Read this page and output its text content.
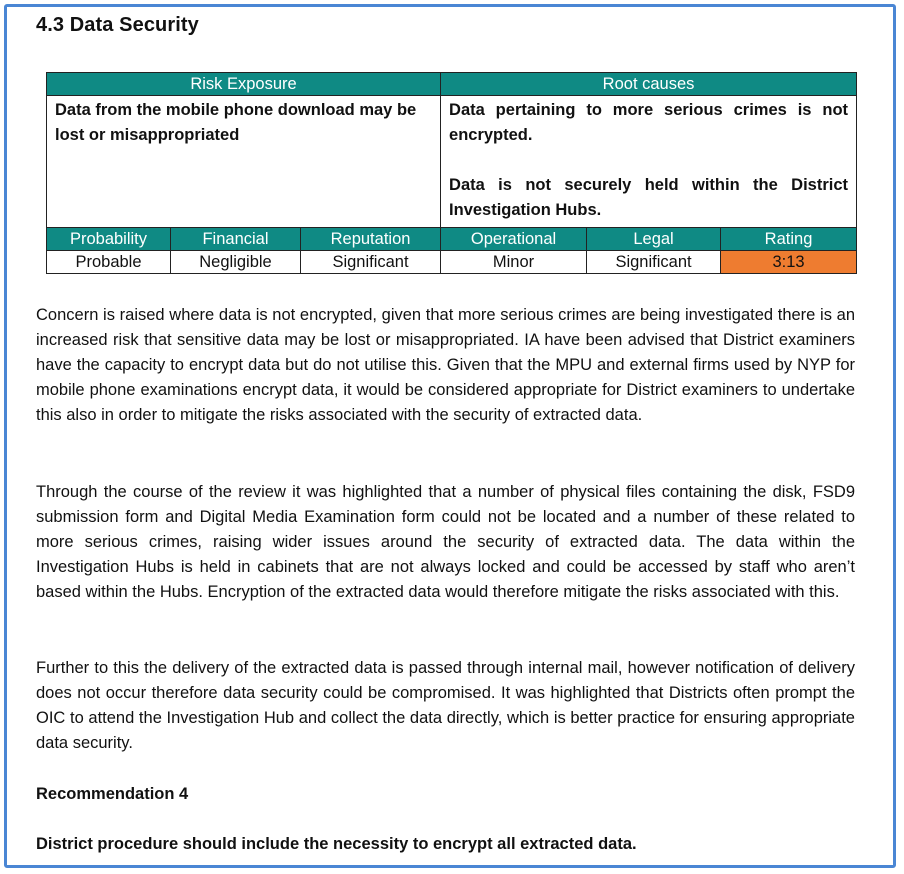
4.3 Data Security
Risk Exposure			Root causes		
Data from the mobile phone download may be lost or misappropriated			Data pertaining to more serious crimes is not encrypted.
Data is not securely held within the District Investigation Hubs.		

Probability	Financial	Reputation	Operational	Legal	Rating
Probable	Negligible	Significant	Minor	Significant	3:13
Concern is raised where data is not encrypted, given that more serious crimes are being investigated there is an increased risk that sensitive data may be lost or misappropriated. IA have been advised that District examiners have the capacity to encrypt data but do not utilise this. Given that the MPU and external firms used by NYP for mobile phone examinations encrypt data, it would be considered appropriate for District examiners to undertake this also in order to mitigate the risks associated with the security of extracted data.
Through the course of the review it was highlighted that a number of physical files containing the disk, FSD9 submission form and Digital Media Examination form could not be located and a number of these related to more serious crimes, raising wider issues around the security of extracted data. The data within the Investigation Hubs is held in cabinets that are not always locked and could be accessed by staff who aren’t based within the Hubs. Encryption of the extracted data would therefore mitigate the risks associated with this.
Further to this the delivery of the extracted data is passed through internal mail, however notification of delivery does not occur therefore data security could be compromised. It was highlighted that Districts often prompt the OIC to attend the Investigation Hub and collect the data directly, which is better practice for ensuring appropriate data security.
Recommendation 4
District procedure should include the necessity to encrypt all extracted data.
